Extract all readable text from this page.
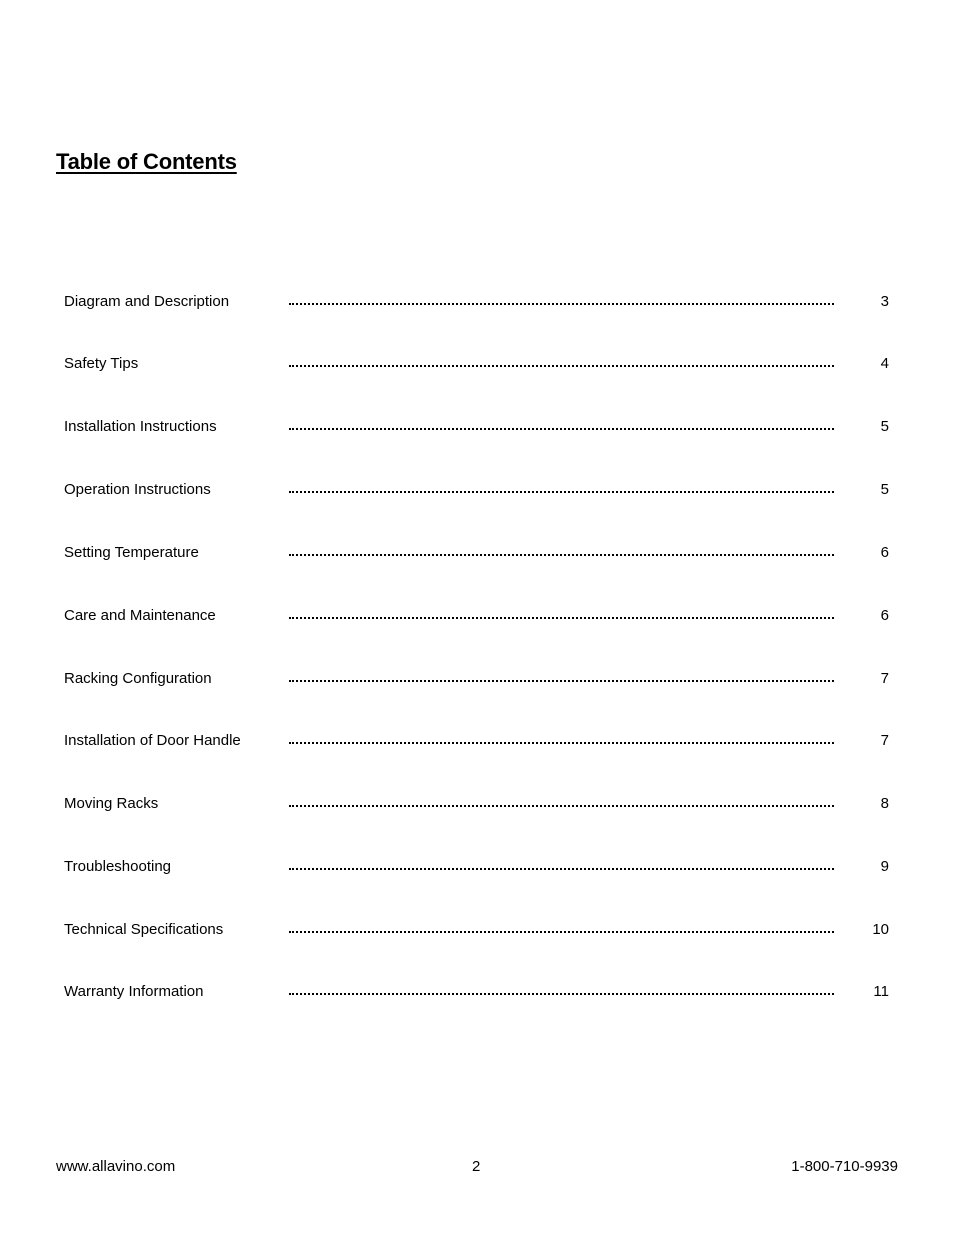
Table of Contents
Diagram and Description	3
Safety Tips	4
Installation Instructions	5
Operation Instructions	5
Setting Temperature	6
Care and Maintenance	6
Racking Configuration	7
Installation of Door Handle	7
Moving Racks	8
Troubleshooting	9
Technical Specifications	10
Warranty Information	11
www.allavino.com	2	1-800-710-9939
